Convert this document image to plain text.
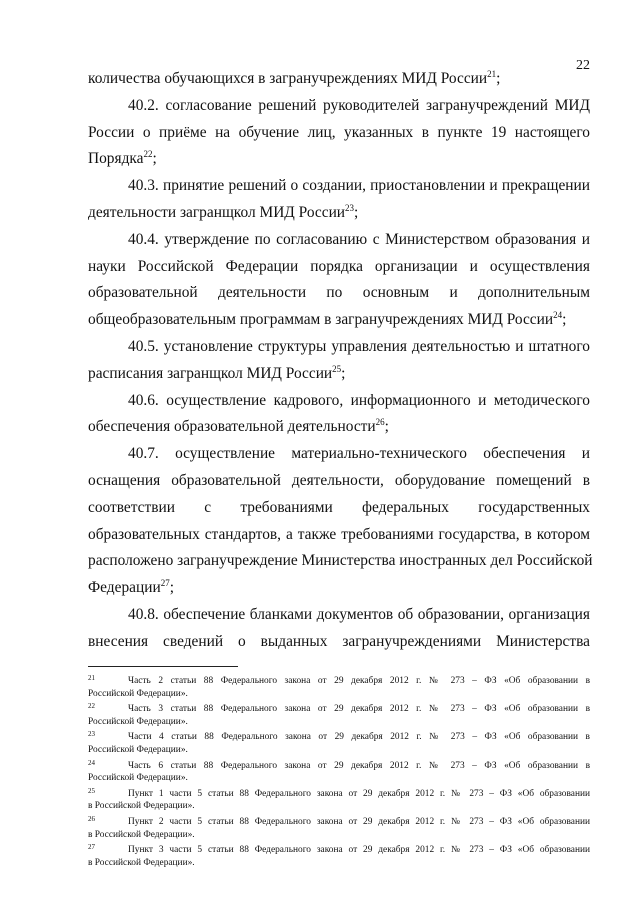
22
количества обучающихся в загранучреждениях МИД России$^{21}$;
40.2. согласование решений руководителей загранучреждений МИД
России о приёме на обучение лиц, указанных в пункте 19 настоящего
Порядка$^{22}$;
40.3. принятие решений о создании, приостановлении и прекращении
деятельности загранщкол МИД России$^{23}$;
40.4. утверждение по согласованию с Министерством образования и
науки Российской Федерации порядка организации и осуществления
образовательной деятельности по основным и дополнительным
общеобразовательным программам в загранучреждениях МИД России$^{24}$;
40.5. установление структуры управления деятельностью и штатного
расписания загранщкол МИД России$^{25}$;
40.6. осуществление кадрового, информационного и методического
обеспечения образовательной деятельности$^{26}$;
40.7. осуществление материально-технического обеспечения и
оснащения образовательной деятельности, оборудование помещений в
соответствии с требованиями федеральных государственных
образовательных стандартов, а также требованиями государства, в котором
расположено загранучреждение Министерства иностранных дел Российской
Федерации$^{27}$;
40.8. обеспечение бланками документов об образовании, организация
внесения сведений о выданных загранучреждениями Министерства
21	Часть 2 статьи 88 Федерального закона от 29 декабря 2012 г. № 273 – ФЗ «Об образовании в
Российской Федерации».
22	Часть 3 статьи 88 Федерального закона от 29 декабря 2012 г. № 273 – ФЗ «Об образовании в
Российской Федерации».
23	Части 4 статьи 88 Федерального закона от 29 декабря 2012 г. № 273 – ФЗ «Об образовании в
Российской Федерации».
24	Часть 6 статьи 88 Федерального закона от 29 декабря 2012 г. № 273 – ФЗ «Об образовании в
Российской Федерации».
25	Пункт 1 части 5 статьи 88 Федерального закона от 29 декабря 2012 г. № 273 – ФЗ «Об образовании
в Российской Федерации».
26	Пункт 2 части 5 статьи 88 Федерального закона от 29 декабря 2012 г. № 273 – ФЗ «Об образовании
в Российской Федерации».
27	Пункт 3 части 5 статьи 88 Федерального закона от 29 декабря 2012 г. № 273 – ФЗ «Об образовании
в Российской Федерации».
